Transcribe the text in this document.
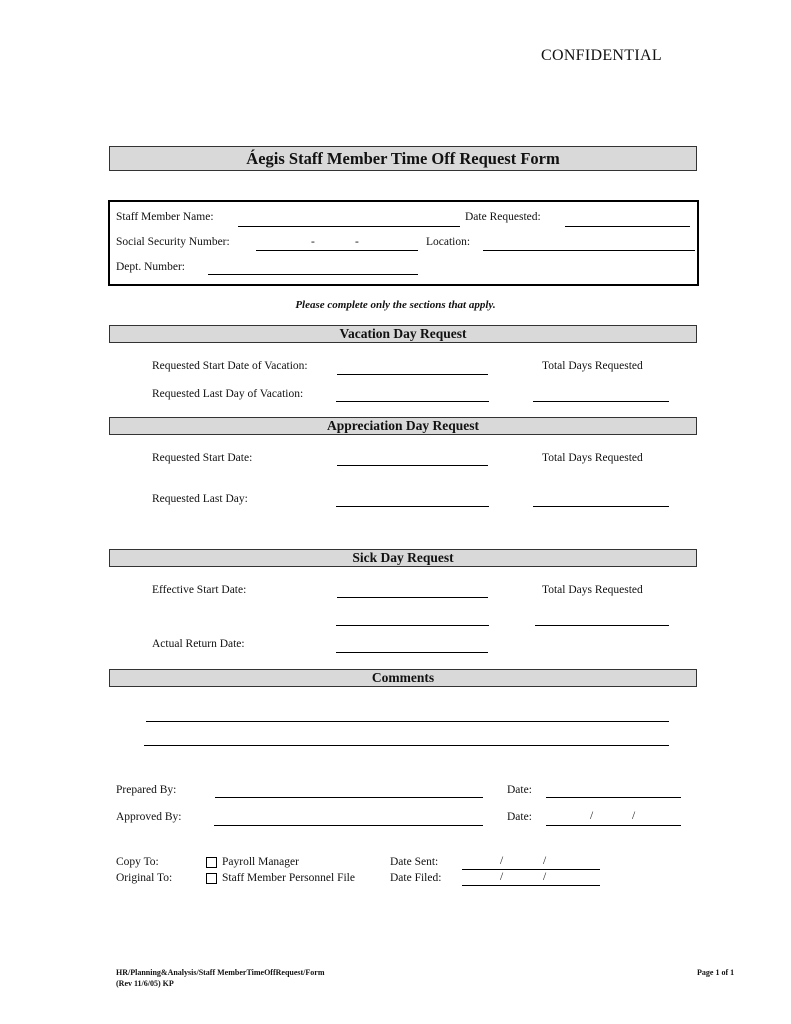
CONFIDENTIAL
Áegis Staff Member Time Off Request Form
Staff Member Name:	Date Requested:
Social Security Number:	-	-	Location:
Dept. Number:
Please complete only the sections that apply.
Vacation Day Request
Requested Start Date of Vacation:	Total Days Requested
Requested Last Day of Vacation:
Appreciation Day Request
Requested Start Date:	Total Days Requested
Requested Last Day:
Sick Day Request
Effective Start Date:	Total Days Requested
Actual Return Date:
Comments
Prepared By:	Date:
Approved By:	Date:	/	/
Copy To:	Payroll Manager	Date Sent:	/	/
Original To:	Staff Member Personnel File	Date Filed:	/	/
HR/Planning&Analysis/Staff MemberTimeOffRequest/Form
(Rev 11/6/05) KP
Page 1 of 1
